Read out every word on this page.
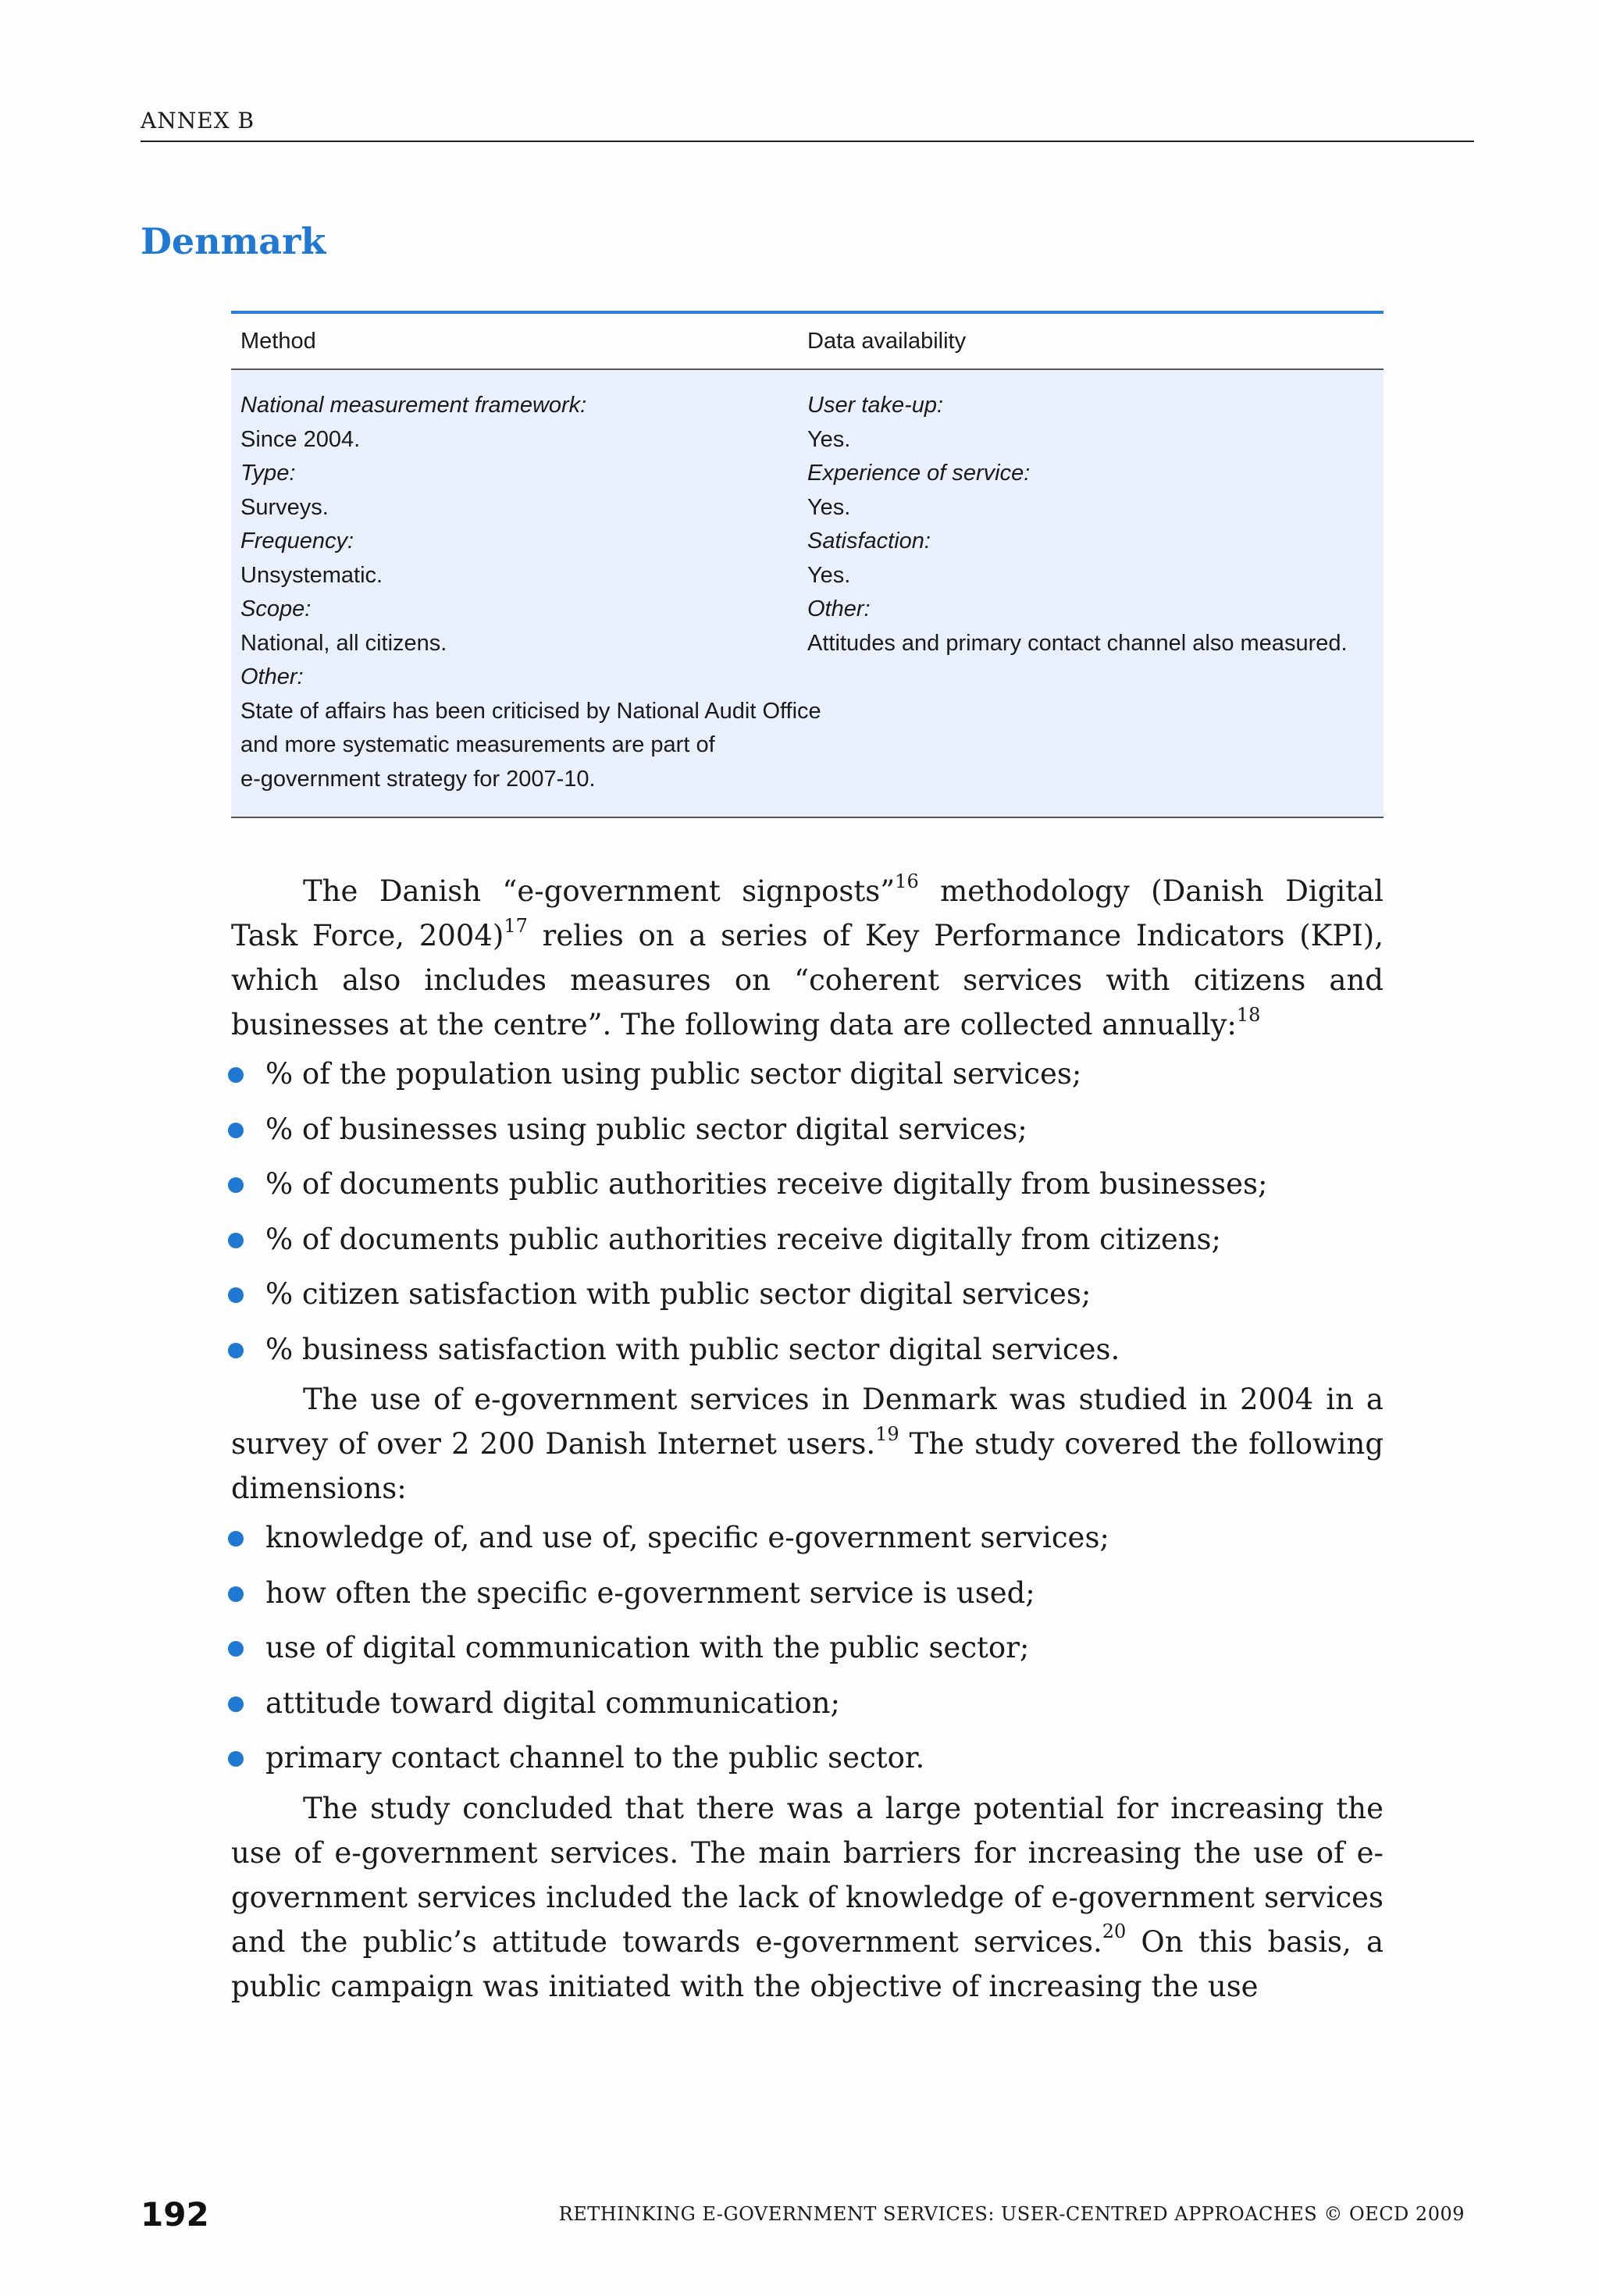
ANNEX B
Denmark
Method	Data availability
National measurement framework:
Since 2004.
Type:
Surveys.
Frequency:
Unsystematic.
Scope:
National, all citizens.
Other:
State of affairs has been criticised by National Audit Office
and more systematic measurements are part of
e-government strategy for 2007-10.
User take-up:
Yes.
Experience of service:
Yes.
Satisfaction:
Yes.
Other:
Attitudes and primary contact channel also measured.

The Danish “e-government signposts”$^{16}$ methodology (Danish Digital Task Force, 2004)$^{17}$ relies on a series of Key Performance Indicators (KPI), which also includes measures on “coherent services with citizens and businesses at the centre”. The following data are collected annually:$^{18}$

% of the population using public sector digital services;
% of businesses using public sector digital services;
% of documents public authorities receive digitally from businesses;
% of documents public authorities receive digitally from citizens;
% citizen satisfaction with public sector digital services;
% business satisfaction with public sector digital services.

The use of e-government services in Denmark was studied in 2004 in a survey of over 2 200 Danish Internet users.$^{19}$ The study covered the following dimensions:

knowledge of, and use of, specific e-government services;
how often the specific e-government service is used;
use of digital communication with the public sector;
attitude toward digital communication;
primary contact channel to the public sector.

The study concluded that there was a large potential for increasing the use of e-government services. The main barriers for increasing the use of e-government services included the lack of knowledge of e-government services and the public’s attitude towards e-government services.$^{20}$ On this basis, a public campaign was initiated with the objective of increasing the use

192	RETHINKING E-GOVERNMENT SERVICES: USER-CENTRED APPROACHES © OECD 2009
